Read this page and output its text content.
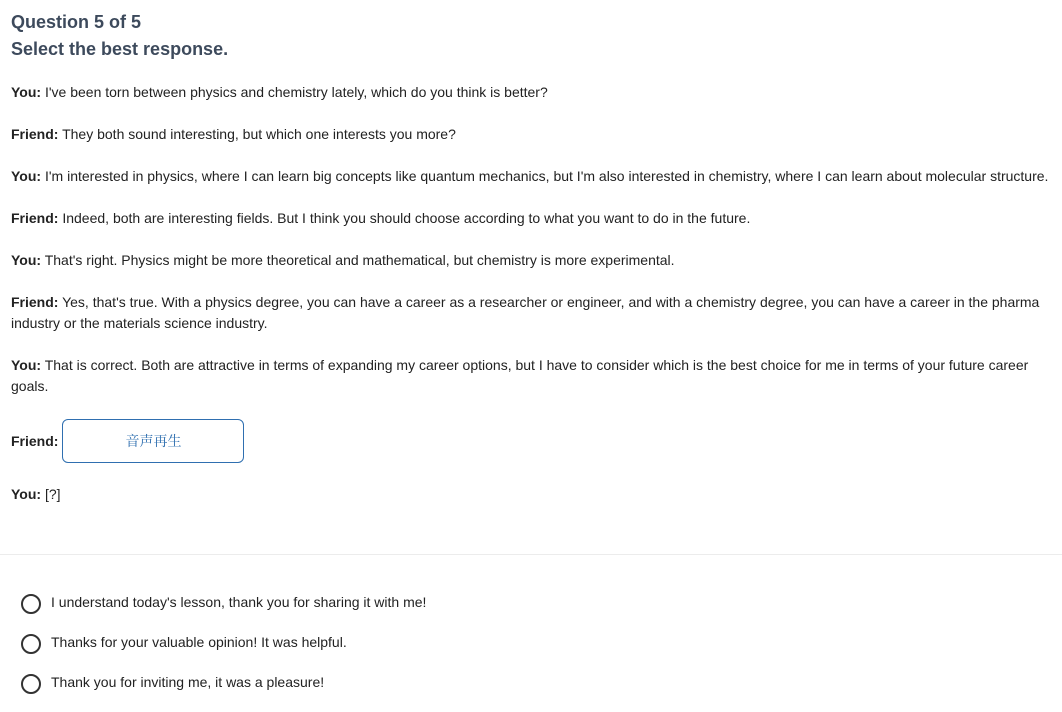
Question 5 of 5
Select the best response.

You: I've been torn between physics and chemistry lately, which do you think is better?

Friend: They both sound interesting, but which one interests you more?

You: I'm interested in physics, where I can learn big concepts like quantum mechanics, but I'm also interested in chemistry, where I can learn about molecular structure.

Friend: Indeed, both are interesting fields. But I think you should choose according to what you want to do in the future.

You: That's right. Physics might be more theoretical and mathematical, but chemistry is more experimental.

Friend: Yes, that's true. With a physics degree, you can have a career as a researcher or engineer, and with a chemistry degree, you can have a career in the pharma industry or the materials science industry.

You: That is correct. Both are attractive in terms of expanding my career options, but I have to consider which is the best choice for me in terms of your future career goals.

Friend:	音声再生
You: [?]
I understand today's lesson, thank you for sharing it with me!
Thanks for your valuable opinion! It was helpful.
Thank you for inviting me, it was a pleasure!
